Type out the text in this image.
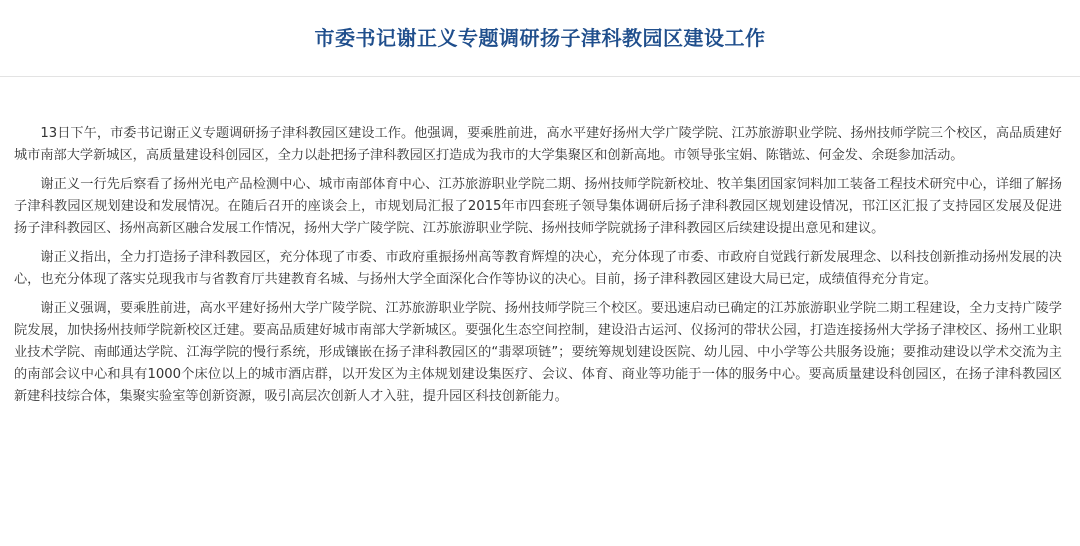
市委书记谢正义专题调研扬子津科教园区建设工作

13日下午，市委书记谢正义专题调研扬子津科教园区建设工作。他强调，要乘胜前进，高水平建好扬州大学广陵学院、江苏旅游职业学院、扬州技师学院三个校区，高品质建好城市南部大学新城区，高质量建设科创园区，全力以赴把扬子津科教园区打造成为我市的大学集聚区和创新高地。市领导张宝娟、陈锴竑、何金发、余珽参加活动。

谢正义一行先后察看了扬州光电产品检测中心、城市南部体育中心、江苏旅游职业学院二期、扬州技师学院新校址、牧羊集团国家饲料加工装备工程技术研究中心，详细了解扬子津科教园区规划建设和发展情况。在随后召开的座谈会上，市规划局汇报了2015年市四套班子领导集体调研后扬子津科教园区规划建设情况，邗江区汇报了支持园区发展及促进扬子津科教园区、扬州高新区融合发展工作情况，扬州大学广陵学院、江苏旅游职业学院、扬州技师学院就扬子津科教园区后续建设提出意见和建议。

谢正义指出，全力打造扬子津科教园区，充分体现了市委、市政府重振扬州高等教育辉煌的决心，充分体现了市委、市政府自觉践行新发展理念、以科技创新推动扬州发展的决心，也充分体现了落实兑现我市与省教育厅共建教育名城、与扬州大学全面深化合作等协议的决心。目前，扬子津科教园区建设大局已定，成绩值得充分肯定。

谢正义强调，要乘胜前进，高水平建好扬州大学广陵学院、江苏旅游职业学院、扬州技师学院三个校区。要迅速启动已确定的江苏旅游职业学院二期工程建设，全力支持广陵学院发展，加快扬州技师学院新校区迁建。要高品质建好城市南部大学新城区。要强化生态空间控制，建设沿古运河、仪扬河的带状公园，打造连接扬州大学扬子津校区、扬州工业职业技术学院、南邮通达学院、江海学院的慢行系统，形成镶嵌在扬子津科教园区的“翡翠项链”；要统筹规划建设医院、幼儿园、中小学等公共服务设施；要推动建设以学术交流为主的南部会议中心和具有1000个床位以上的城市酒店群，以开发区为主体规划建设集医疗、会议、体育、商业等功能于一体的服务中心。要高质量建设科创园区，在扬子津科教园区新建科技综合体，集聚实验室等创新资源，吸引高层次创新人才入驻，提升园区科技创新能力。
